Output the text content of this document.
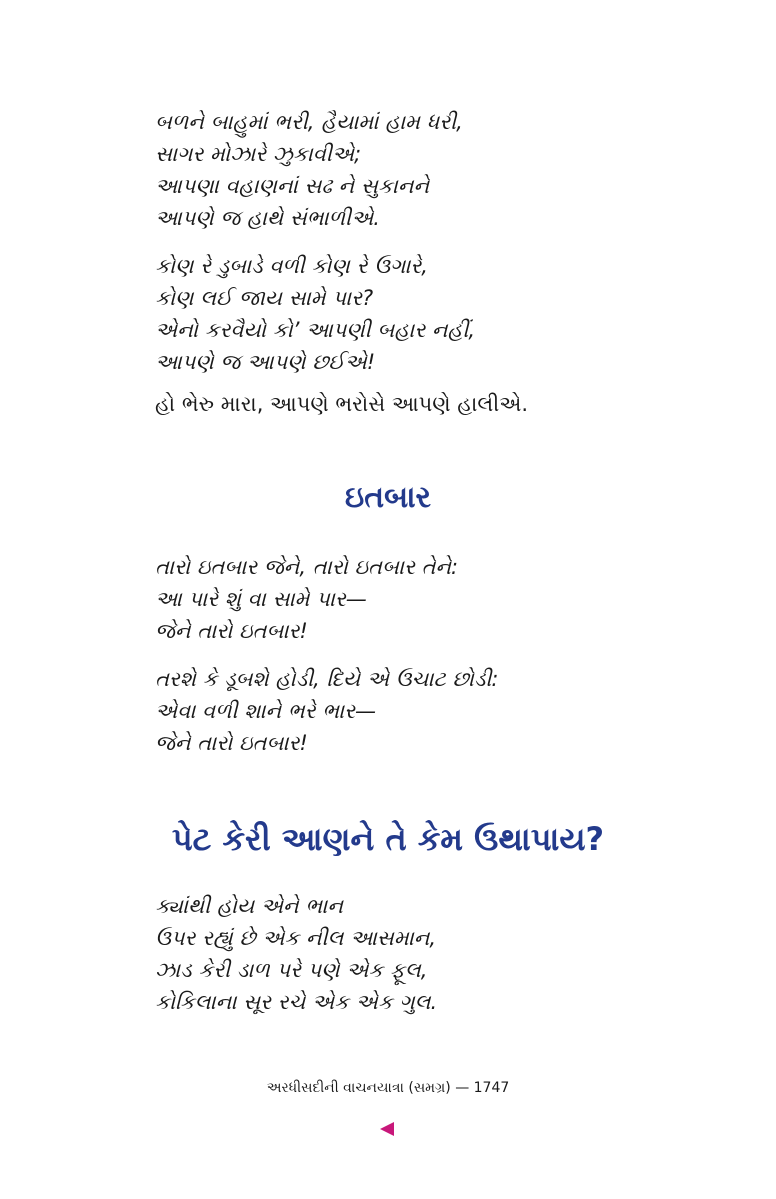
બળને બાહુમાં ભરી, હૈયામાં હામ ધરી,
સાગર મોઝારે ઝુકાવીએ;
આપણા વહાણનાં સઢ ને સુકાનને
આપણે જ હાથે સંભાળીએ.
કોણ રે ડુબાડે વળી કોણ રે ઉગારે,
કોણ લઈ જાય સામે પાર?
એનો કરવૈયો કો’ આપણી બહાર નહીં,
આપણે જ આપણે છઈએ!
હો ભેરુ મારા, આપણે ભરોસે આપણે હાલીએ.
ઇતબાર
તારો ઇતબાર જેને, તારો ઇતબાર તેને:
આ પારે શું વા સામે પાર—
જેને તારો ઇતબાર!
તરશે કે ડૂબશે હોડી, દિયે એ ઉચાટ છોડી:
એવા વળી શાને ભરે ભાર—
જેને તારો ઇતબાર!
પેટ કેરી આણને તે કેમ ઉથાપાય?
ક્યાંથી હોય એને ભાન
ઉપર રહ્યું છે એક નીલ આસમાન,
ઝાડ કેરી ડાળ પરે પણે એક ફૂલ,
કોકિલાના સૂર રચે એક એક ગુલ.
અરધીસદીની વાચનયાત્રા (સમગ્ર) — 1747
